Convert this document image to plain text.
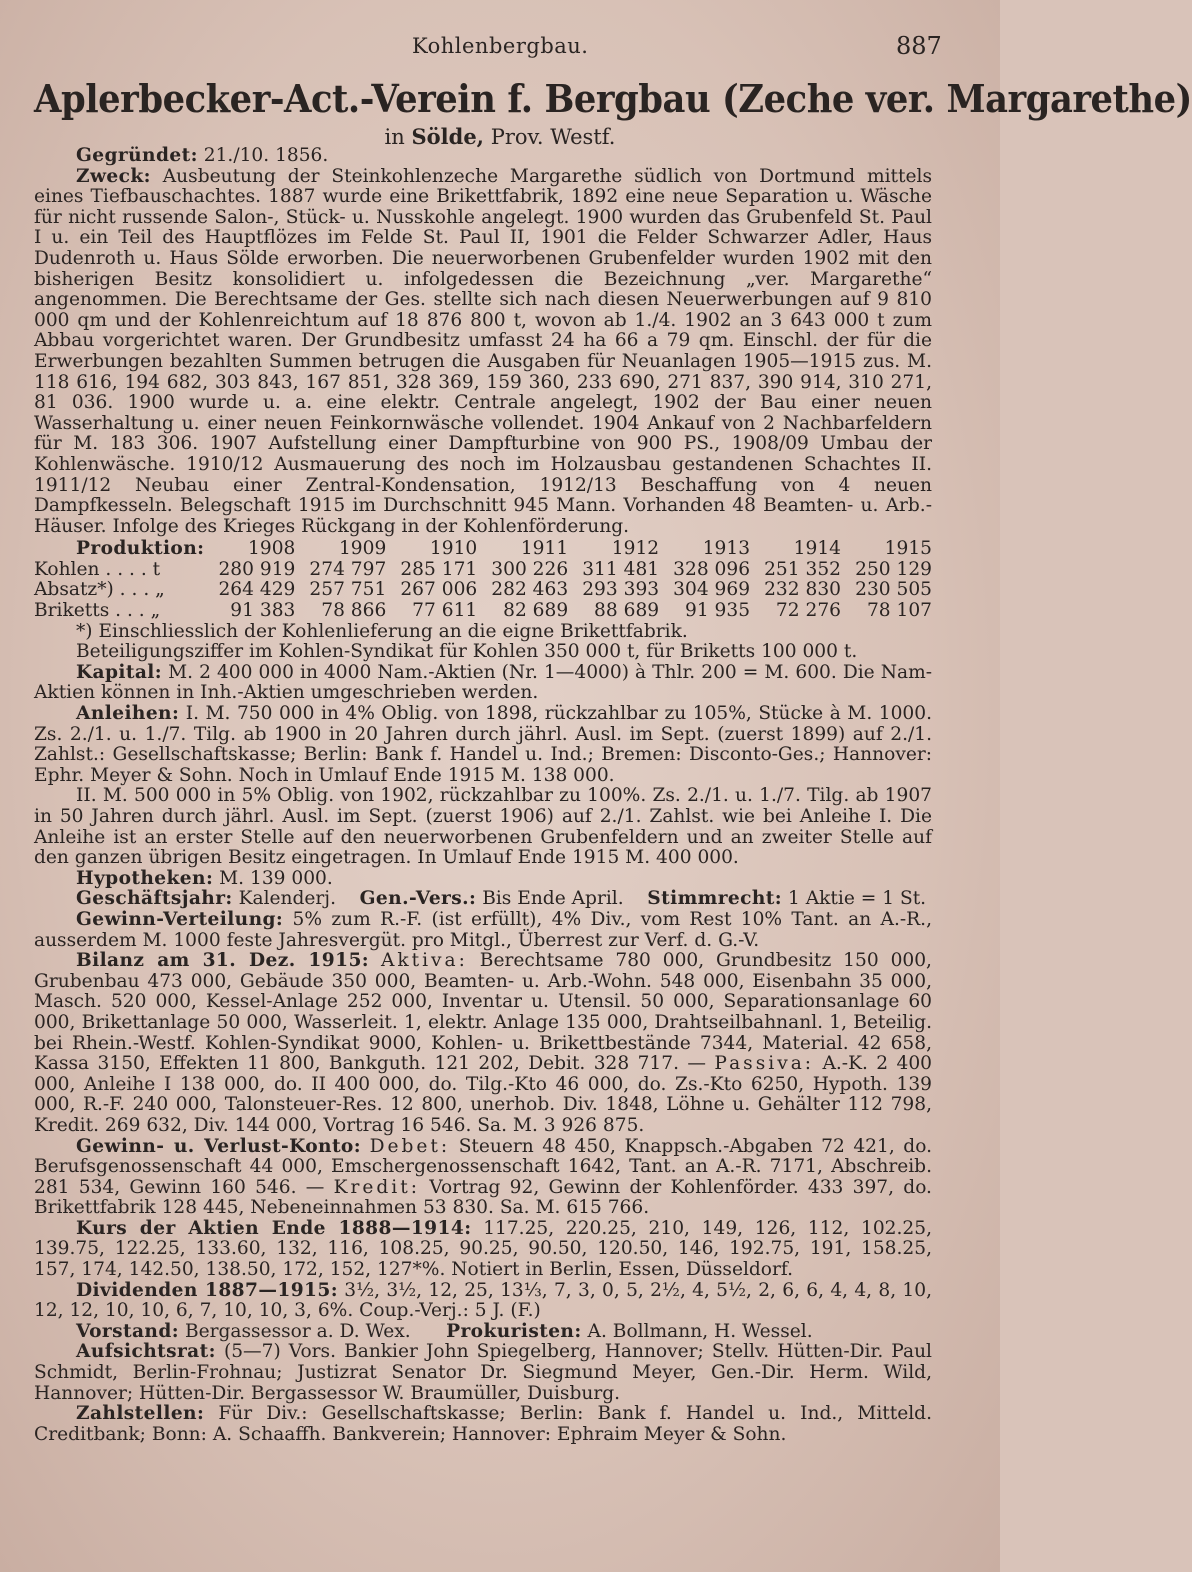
Kohlenbergbau.	887
Aplerbecker-Act.-Verein f. Bergbau (Zeche ver. Margarethe)
in Sölde, Prov. Westf.

Gegründet: 21./10. 1856.

Zweck: Ausbeutung der Steinkohlenzeche Margarethe südlich von Dortmund mittels eines Tiefbauschachtes. 1887 wurde eine Brikettfabrik, 1892 eine neue Separation u. Wäsche für nicht russende Salon-, Stück- u. Nusskohle angelegt. 1900 wurden das Grubenfeld St. Paul I u. ein Teil des Hauptflözes im Felde St. Paul II, 1901 die Felder Schwarzer Adler, Haus Dudenroth u. Haus Sölde erworben. Die neuerworbenen Grubenfelder wurden 1902 mit den bisherigen Besitz konsolidiert u. infolgedessen die Bezeichnung „ver. Margarethe“ angenommen. Die Berechtsame der Ges. stellte sich nach diesen Neuerwerbungen auf 9 810 000 qm und der Kohlenreichtum auf 18 876 800 t, wovon ab 1./4. 1902 an 3 643 000 t zum Abbau vorgerichtet waren. Der Grundbesitz umfasst 24 ha 66 a 79 qm. Einschl. der für die Erwerbungen bezahlten Summen betrugen die Ausgaben für Neuanlagen 1905—1915 zus. M. 118 616, 194 682, 303 843, 167 851, 328 369, 159 360, 233 690, 271 837, 390 914, 310 271, 81 036. 1900 wurde u. a. eine elektr. Centrale angelegt, 1902 der Bau einer neuen Wasserhaltung u. einer neuen Feinkornwäsche vollendet. 1904 Ankauf von 2 Nachbarfeldern für M. 183 306. 1907 Aufstellung einer Dampfturbine von 900 PS., 1908/09 Umbau der Kohlenwäsche. 1910/12 Ausmauerung des noch im Holzausbau gestandenen Schachtes II. 1911/12 Neubau einer Zentral-Kondensation, 1912/13 Beschaffung von 4 neuen Dampfkesseln. Belegschaft 1915 im Durchschnitt 945 Mann. Vorhanden 48 Beamten- u. Arb.-Häuser. Infolge des Krieges Rückgang in der Kohlenförderung.

Produktion:	1908	1909	1910	1911	1912	1913	1914	1915
Kohlen . . . . t	280 919	274 797	285 171	300 226	311 481	328 096	251 352	250 129
Absatz*) . . . „	264 429	257 751	267 006	282 463	293 393	304 969	232 830	230 505
Briketts . . . „	91 383	78 866	77 611	82 689	88 689	91 935	72 276	78 107

*) Einschliesslich der Kohlenlieferung an die eigne Brikettfabrik.

Beteiligungsziffer im Kohlen-Syndikat für Kohlen 350 000 t, für Briketts 100 000 t.

Kapital: M. 2 400 000 in 4000 Nam.-Aktien (Nr. 1—4000) à Thlr. 200 = M. 600. Die Nam-Aktien können in Inh.-Aktien umgeschrieben werden.

Anleihen: I. M. 750 000 in 4% Oblig. von 1898, rückzahlbar zu 105%, Stücke à M. 1000. Zs. 2./1. u. 1./7. Tilg. ab 1900 in 20 Jahren durch jährl. Ausl. im Sept. (zuerst 1899) auf 2./1. Zahlst.: Gesellschaftskasse; Berlin: Bank f. Handel u. Ind.; Bremen: Disconto-Ges.; Hannover: Ephr. Meyer & Sohn. Noch in Umlauf Ende 1915 M. 138 000.

II. M. 500 000 in 5% Oblig. von 1902, rückzahlbar zu 100%. Zs. 2./1. u. 1./7. Tilg. ab 1907 in 50 Jahren durch jährl. Ausl. im Sept. (zuerst 1906) auf 2./1. Zahlst. wie bei Anleihe I. Die Anleihe ist an erster Stelle auf den neuerworbenen Grubenfeldern und an zweiter Stelle auf den ganzen übrigen Besitz eingetragen. In Umlauf Ende 1915 M. 400 000.

Hypotheken: M. 139 000.

Geschäftsjahr: Kalenderj. Gen.-Vers.: Bis Ende April. Stimmrecht: 1 Aktie = 1 St.

Gewinn-Verteilung: 5% zum R.-F. (ist erfüllt), 4% Div., vom Rest 10% Tant. an A.-R., ausserdem M. 1000 feste Jahresvergüt. pro Mitgl., Überrest zur Verf. d. G.-V.

Bilanz am 31. Dez. 1915: Aktiva: Berechtsame 780 000, Grundbesitz 150 000, Grubenbau 473 000, Gebäude 350 000, Beamten- u. Arb.-Wohn. 548 000, Eisenbahn 35 000, Masch. 520 000, Kessel-Anlage 252 000, Inventar u. Utensil. 50 000, Separationsanlage 60 000, Brikettanlage 50 000, Wasserleit. 1, elektr. Anlage 135 000, Drahtseilbahnanl. 1, Beteilig. bei Rhein.-Westf. Kohlen-Syndikat 9000, Kohlen- u. Brikettbestände 7344, Material. 42 658, Kassa 3150, Effekten 11 800, Bankguth. 121 202, Debit. 328 717. — Passiva: A.-K. 2 400 000, Anleihe I 138 000, do. II 400 000, do. Tilg.-Kto 46 000, do. Zs.-Kto 6250, Hypoth. 139 000, R.-F. 240 000, Talonsteuer-Res. 12 800, unerhob. Div. 1848, Löhne u. Gehälter 112 798, Kredit. 269 632, Div. 144 000, Vortrag 16 546. Sa. M. 3 926 875.

Gewinn- u. Verlust-Konto: Debet: Steuern 48 450, Knappsch.-Abgaben 72 421, do. Berufsgenossenschaft 44 000, Emschergenossenschaft 1642, Tant. an A.-R. 7171, Abschreib. 281 534, Gewinn 160 546. — Kredit: Vortrag 92, Gewinn der Kohlenförder. 433 397, do. Brikettfabrik 128 445, Nebeneinnahmen 53 830. Sa. M. 615 766.

Kurs der Aktien Ende 1888—1914: 117.25, 220.25, 210, 149, 126, 112, 102.25, 139.75, 122.25, 133.60, 132, 116, 108.25, 90.25, 90.50, 120.50, 146, 192.75, 191, 158.25, 157, 174, 142.50, 138.50, 172, 152, 127*%. Notiert in Berlin, Essen, Düsseldorf.

Dividenden 1887—1915: 3½, 3½, 12, 25, 13⅓, 7, 3, 0, 5, 2½, 4, 5½, 2, 6, 6, 4, 4, 8, 10, 12, 12, 10, 10, 6, 7, 10, 10, 3, 6%. Coup.-Verj.: 5 J. (F.)

Vorstand: Bergassessor a. D. Wex. Prokuristen: A. Bollmann, H. Wessel.

Aufsichtsrat: (5—7) Vors. Bankier John Spiegelberg, Hannover; Stellv. Hütten-Dir. Paul Schmidt, Berlin-Frohnau; Justizrat Senator Dr. Siegmund Meyer, Gen.-Dir. Herm. Wild, Hannover; Hütten-Dir. Bergassessor W. Braumüller, Duisburg.

Zahlstellen: Für Div.: Gesellschaftskasse; Berlin: Bank f. Handel u. Ind., Mitteld. Creditbank; Bonn: A. Schaaffh. Bankverein; Hannover: Ephraim Meyer & Sohn.
